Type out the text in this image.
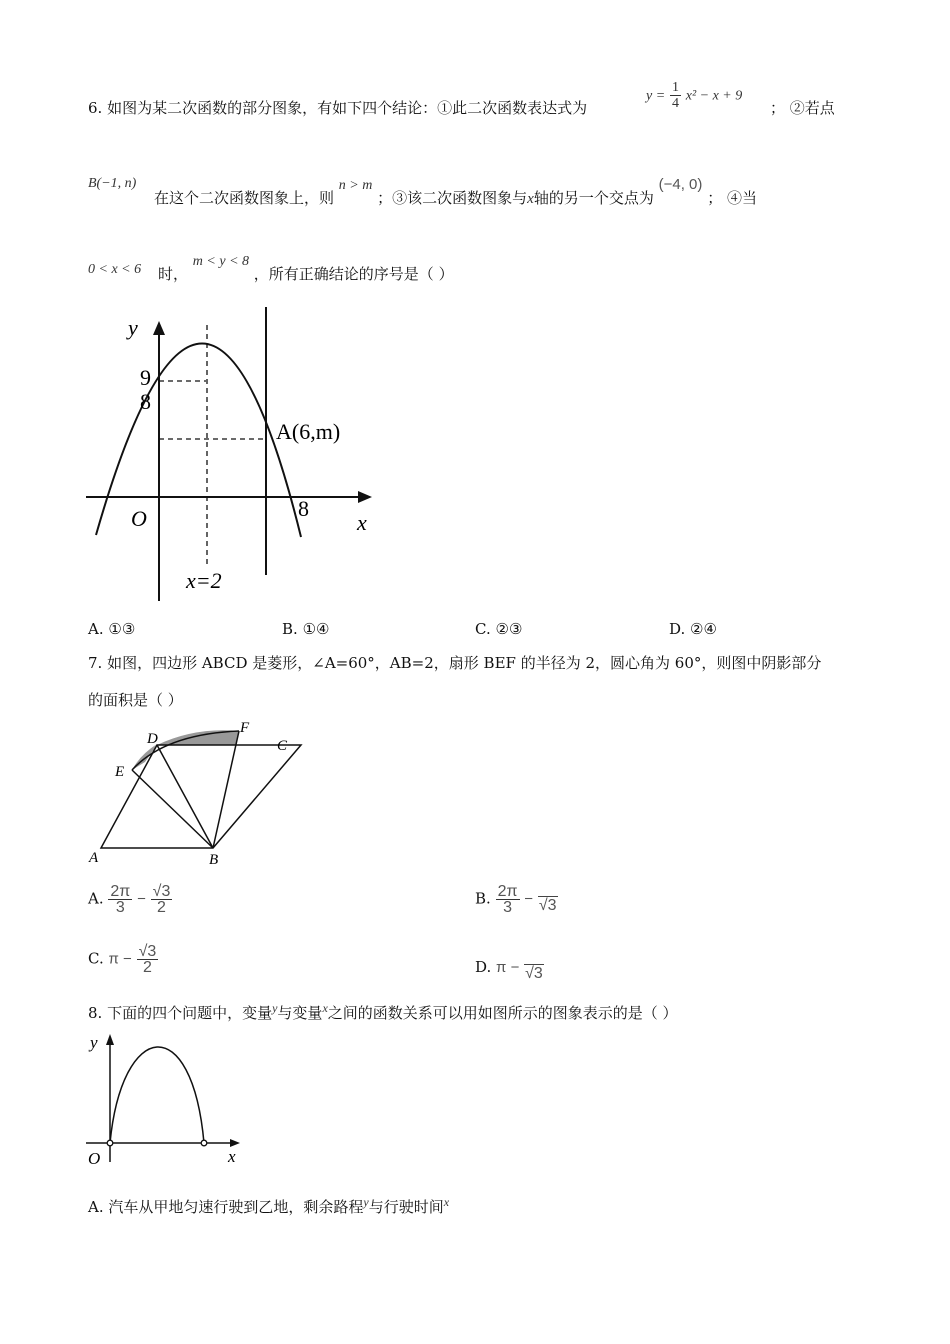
6. 如图为某二次函数的部分图象，有如下四个结论：①此二次函数表达式为
$y = \frac{1}{4} x^2 - x + 9$
； ②若点
B(−1, n)
在这个二次函数图象上，则 n > m ；③该二次函数图象与x轴的另一个交点为 (−4, 0) ； ④当
0 < x < 6 时， m < y < 8 ，所有正确结论的序号是（ ）
y
9
8
A(6,m)
8
O	x
x=2
A. ①③	B. ①④	C. ②③	D. ②④
7. 如图，四边形 ABCD 是菱形，∠A=60°，AB=2，扇形 BEF 的半径为 2，圆心角为 60°，则图中阴影部分
的面积是（ ）
A	B
C
D
E
F
A. $\frac{2\pi}{3} - \frac{√3}{2}$	B. $\frac{2\pi}{3} - √3$
C. $\pi - \frac{√3}{2}$	D. π − √3
8. 下面的四个问题中，变量$^y$与变量$^x$之间的函数关系可以用如图所示的图象表示的是（ ）
y
O	x
A. 汽车从甲地匀速行驶到乙地，剩余路程$^y$与行驶时间$^x$
